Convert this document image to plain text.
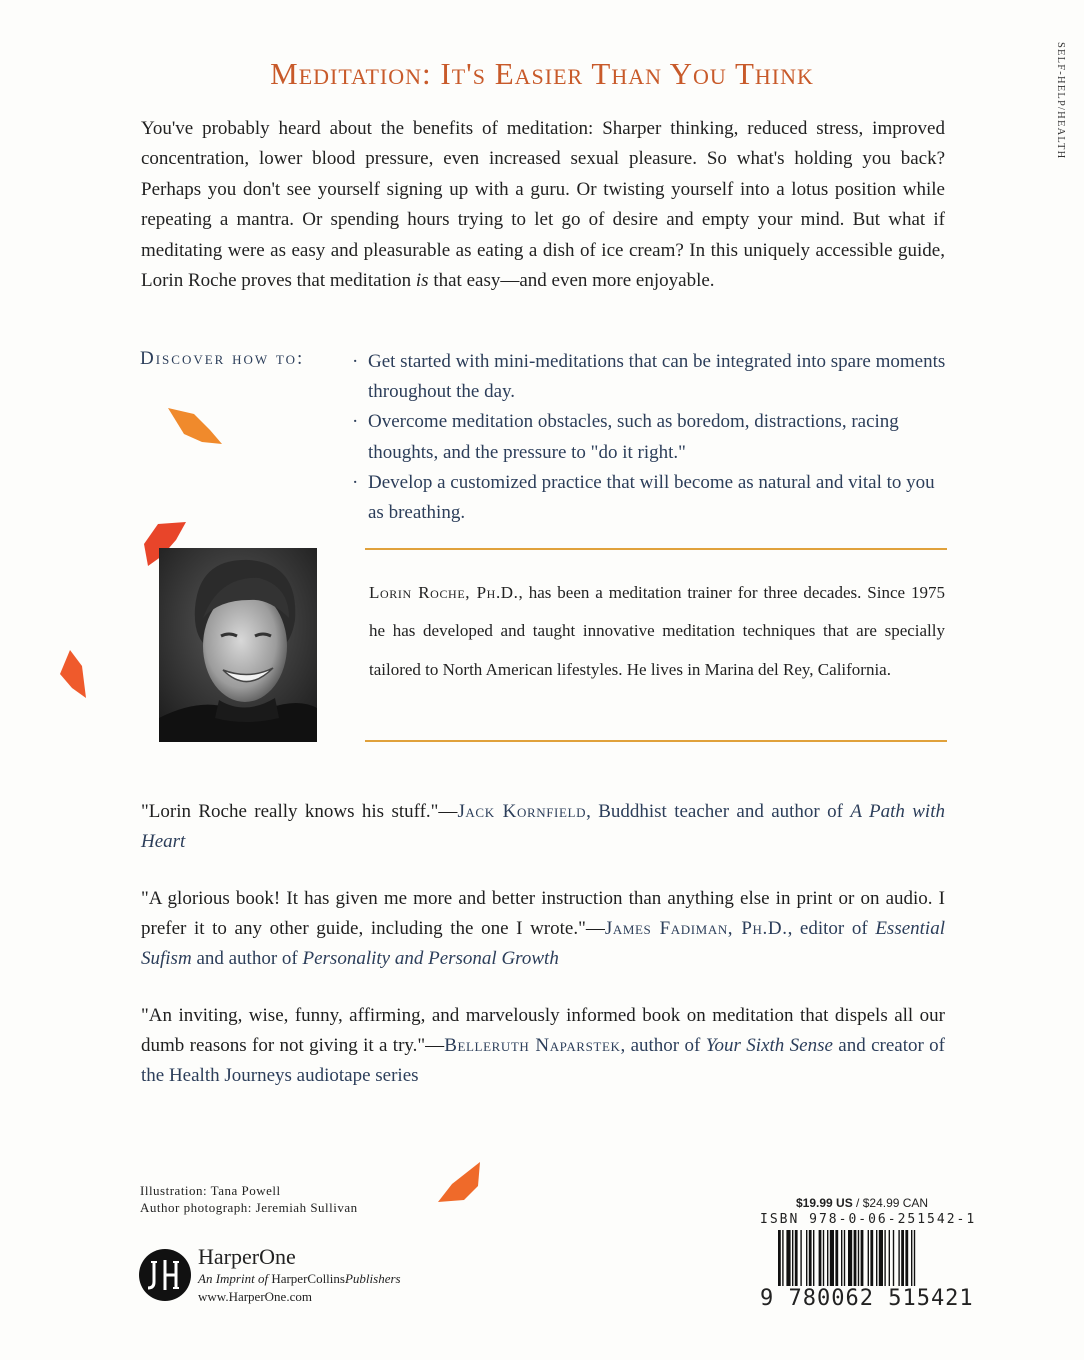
Meditation: It's Easier Than You Think	SELF-HELP/HEALTH
You've probably heard about the benefits of meditation: Sharper thinking, reduced stress, improved concentration, lower blood pressure, even increased sexual pleasure. So what's holding you back? Perhaps you don't see yourself signing up with a guru. Or twisting yourself into a lotus position while repeating a mantra. Or spending hours trying to let go of desire and empty your mind. But what if meditating were as easy and pleasurable as eating a dish of ice cream? In this uniquely accessible guide, Lorin Roche proves that meditation is that easy—and even more enjoyable.
Discover how to:	· Get started with mini-meditations that can be integrated into spare moments throughout the day.
· Overcome meditation obstacles, such as boredom, distractions, racing thoughts, and the pressure to "do it right."
· Develop a customized practice that will become as natural and vital to you as breathing.
Lorin Roche, Ph.D., has been a meditation trainer for three decades. Since 1975 he has developed and taught innovative meditation techniques that are specially tailored to North American lifestyles. He lives in Marina del Rey, California.
"Lorin Roche really knows his stuff."—Jack Kornfield, Buddhist teacher and author of A Path with Heart
"A glorious book! It has given me more and better instruction than anything else in print or on audio. I prefer it to any other guide, including the one I wrote."—James Fadiman, Ph.D., editor of Essential Sufism and author of Personality and Personal Growth
"An inviting, wise, funny, affirming, and marvelously informed book on meditation that dispels all our dumb reasons for not giving it a try."—Belleruth Naparstek, author of Your Sixth Sense and creator of the Health Journeys audiotape series
Illustration: Tana Powell
Author photograph: Jeremiah Sullivan
HarperOne
An Imprint of HarperCollinsPublishers
www.HarperOne.com
$19.99 US / $24.99 CAN
ISBN 978-0-06-251542-1
9 780062 515421
